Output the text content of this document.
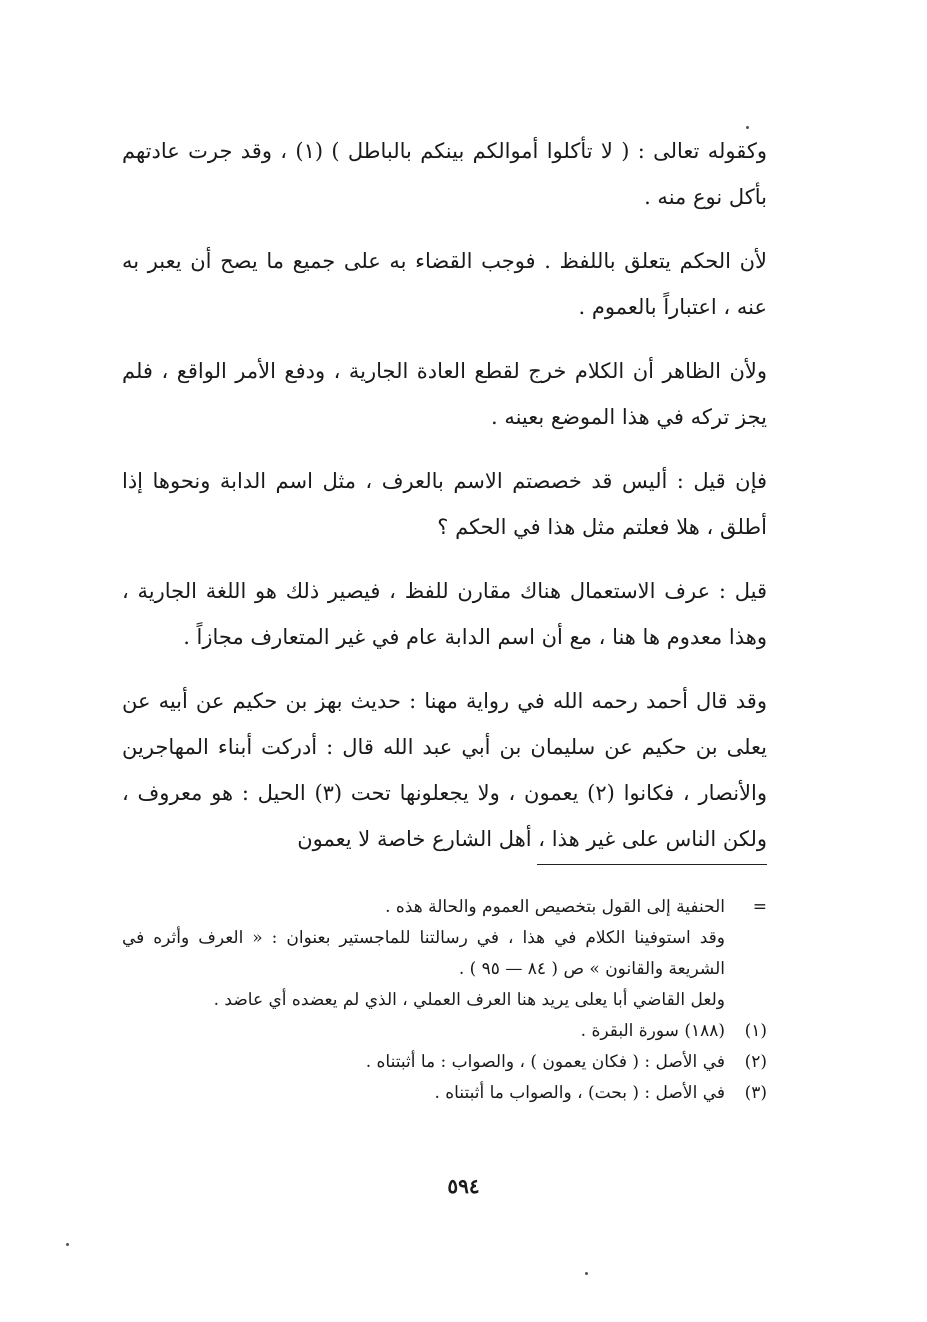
وكقوله تعالى : ( لا تأكلوا أموالكم بينكم بالباطل ) (١) ، وقد جرت عادتهم بأكل نوع منه .

لأن الحكم يتعلق باللفظ . فوجب القضاء به على جميع ما يصح أن يعبر به عنه ، اعتباراً بالعموم .

ولأن الظاهر أن الكلام خرج لقطع العادة الجارية ، ودفع الأمر الواقع ، فلم يجز تركه في هذا الموضع بعينه .

فإن قيل : أليس قد خصصتم الاسم بالعرف ، مثل اسم الدابة ونحوها إذا أطلق ، هلا فعلتم مثل هذا في الحكم ؟

قيل : عرف الاستعمال هناك مقارن للفظ ، فيصير ذلك هو اللغة الجارية ، وهذا معدوم ها هنا ، مع أن اسم الدابة عام في غير المتعارف مجازاً .

وقد قال أحمد رحمه الله في رواية مهنا : حديث بهز بن حكيم عن أبيه عن يعلى بن حكيم عن سليمان بن أبي عبد الله قال : أدركت أبناء المهاجرين والأنصار ، فكانوا (٢) يعمون ، ولا يجعلونها تحت (٣) الحيل : هو معروف ، ولكن الناس على غير هذا ، أهل الشارع خاصة لا يعمون

=
الحنفية إلى القول بتخصيص العموم والحالة هذه .
وقد استوفينا الكلام في هذا ، في رسالتنا للماجستير بعنوان : « العرف وأثره في الشريعة والقانون » ص ( ٨٤ — ٩٥ ) .
ولعل القاضي أبا يعلى يريد هنا العرف العملي ، الذي لم يعضده أي عاضد .
(١)
(١٨٨) سورة البقرة .
(٢)
في الأصل : ( فكان يعمون ) ، والصواب : ما أثبتناه .
(٣)
في الأصل : ( بحت) ، والصواب ما أثبتناه .
٥٩٤
